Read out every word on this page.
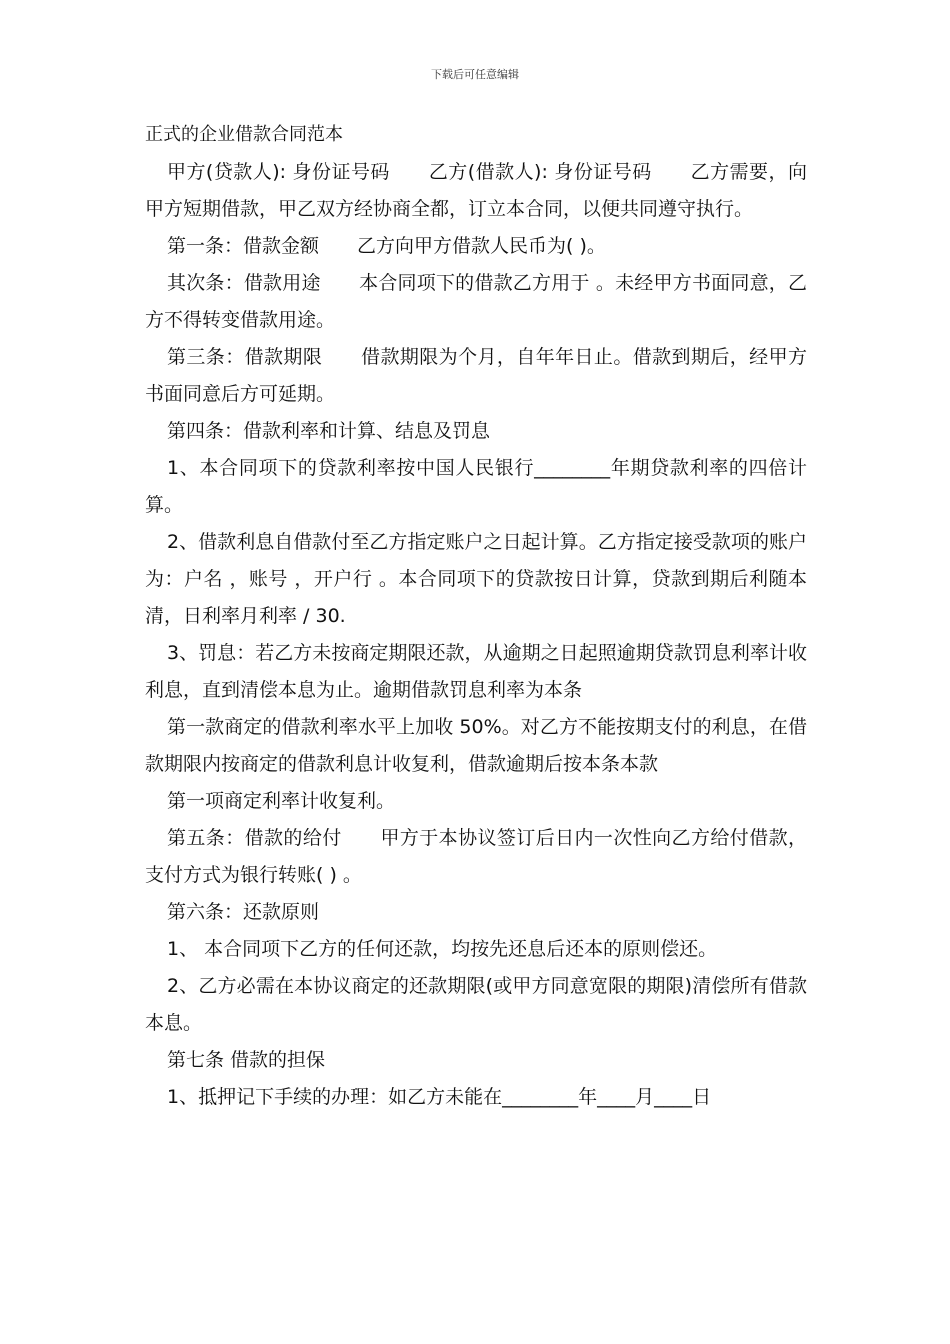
下载后可任意编辑

正式的企业借款合同范本

甲方(贷款人): 身份证号码　　乙方(借款人): 身份证号码　　乙方需要，向甲方短期借款，甲乙双方经协商全都，订立本合同，以便共同遵守执行。

第一条：借款金额　　乙方向甲方借款人民币为( )。

其次条：借款用途　　本合同项下的借款乙方用于 。未经甲方书面同意，乙方不得转变借款用途。

第三条：借款期限　　借款期限为个月，自年年日止。借款到期后，经甲方书面同意后方可延期。

第四条：借款利率和计算、结息及罚息

1、本合同项下的贷款利率按中国人民银行________年期贷款利率的四倍计算。

2、借款利息自借款付至乙方指定账户之日起计算。乙方指定接受款项的账户为：户名 ，账号 ，开户行 。本合同项下的贷款按日计算，贷款到期后利随本清，日利率月利率 / 30.

3、罚息：若乙方未按商定期限还款，从逾期之日起照逾期贷款罚息利率计收利息，直到清偿本息为止。逾期借款罚息利率为本条

第一款商定的借款利率水平上加收 50%。对乙方不能按期支付的利息，在借款期限内按商定的借款利息计收复利，借款逾期后按本条本款

第一项商定利率计收复利。

第五条：借款的给付　　甲方于本协议签订后日内一次性向乙方给付借款，支付方式为银行转账( ) 。

第六条：还款原则

1、 本合同项下乙方的任何还款，均按先还息后还本的原则偿还。

2、乙方必需在本协议商定的还款期限(或甲方同意宽限的期限)清偿所有借款本息。

第七条 借款的担保

1、抵押记下手续的办理：如乙方未能在________年____月____日
